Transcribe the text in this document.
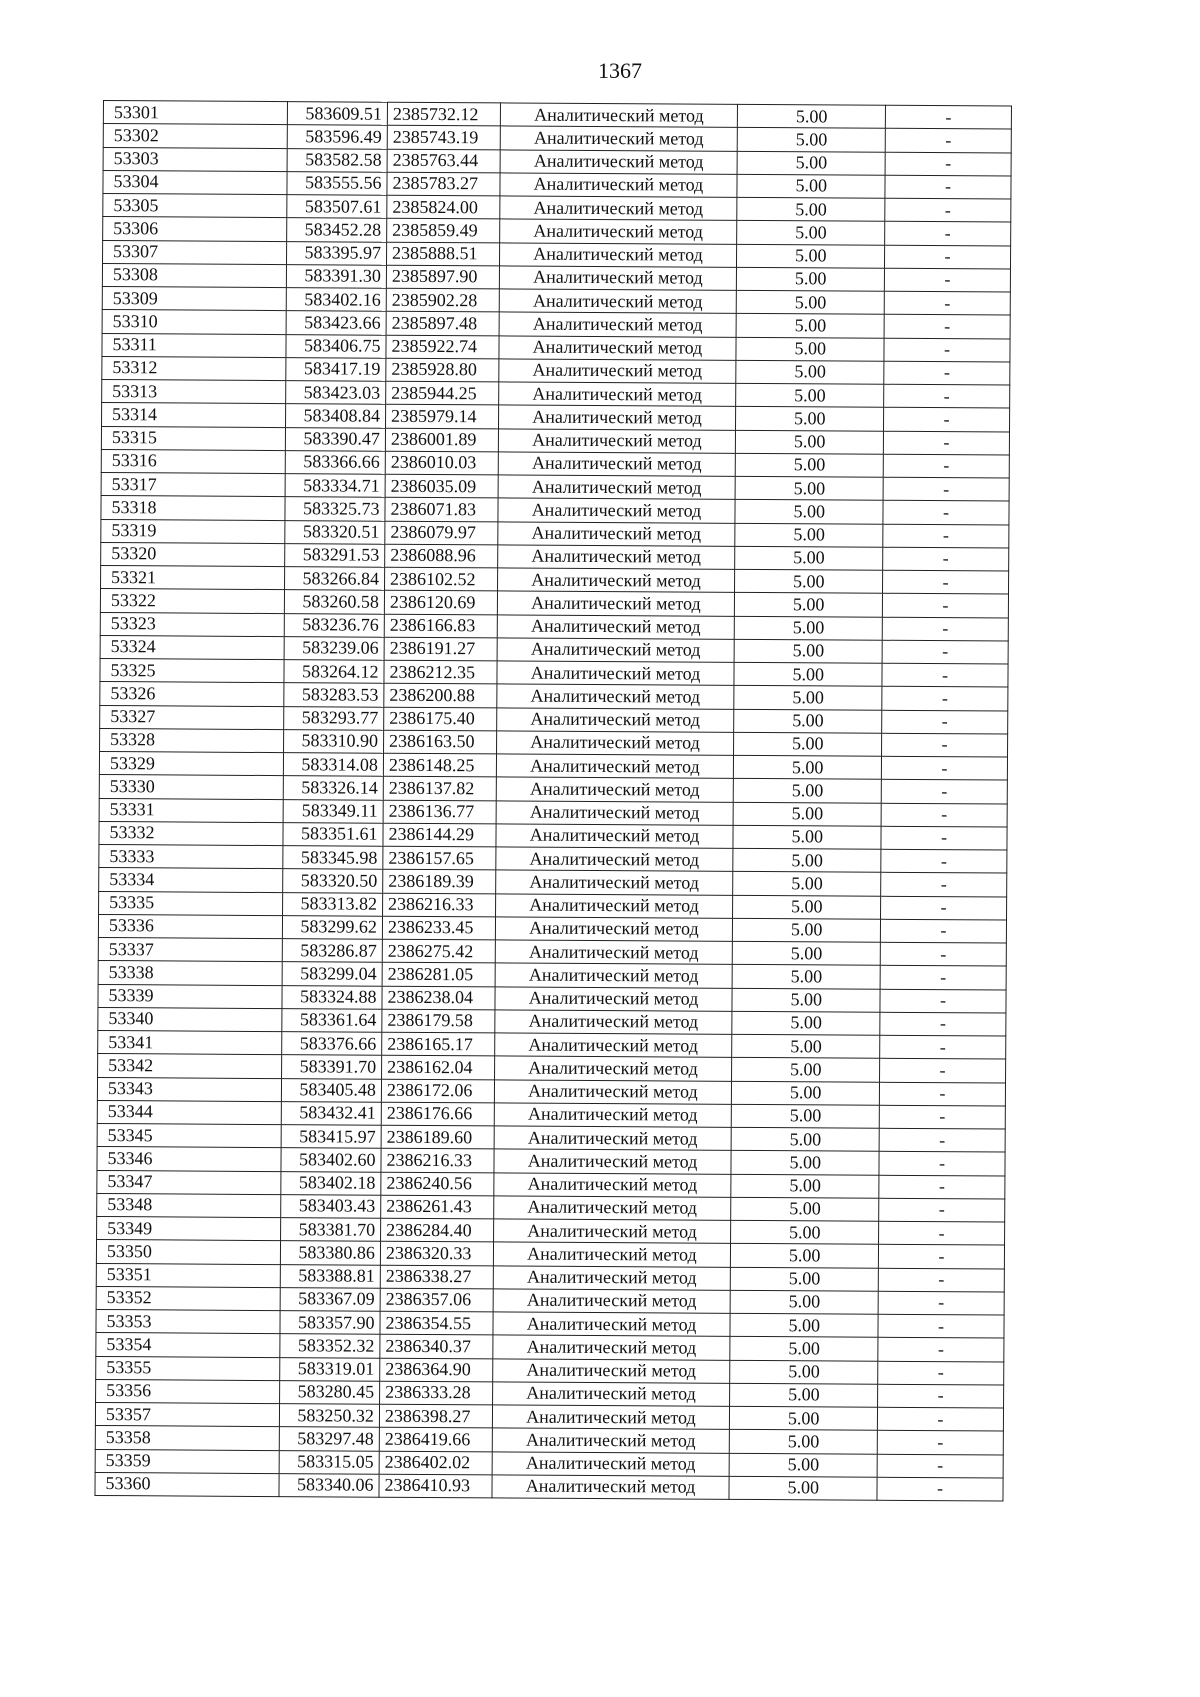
1367
53301	583609.51	2385732.12	Аналитический метод	5.00	-
53302	583596.49	2385743.19	Аналитический метод	5.00	-
53303	583582.58	2385763.44	Аналитический метод	5.00	-
53304	583555.56	2385783.27	Аналитический метод	5.00	-
53305	583507.61	2385824.00	Аналитический метод	5.00	-
53306	583452.28	2385859.49	Аналитический метод	5.00	-
53307	583395.97	2385888.51	Аналитический метод	5.00	-
53308	583391.30	2385897.90	Аналитический метод	5.00	-
53309	583402.16	2385902.28	Аналитический метод	5.00	-
53310	583423.66	2385897.48	Аналитический метод	5.00	-
53311	583406.75	2385922.74	Аналитический метод	5.00	-
53312	583417.19	2385928.80	Аналитический метод	5.00	-
53313	583423.03	2385944.25	Аналитический метод	5.00	-
53314	583408.84	2385979.14	Аналитический метод	5.00	-
53315	583390.47	2386001.89	Аналитический метод	5.00	-
53316	583366.66	2386010.03	Аналитический метод	5.00	-
53317	583334.71	2386035.09	Аналитический метод	5.00	-
53318	583325.73	2386071.83	Аналитический метод	5.00	-
53319	583320.51	2386079.97	Аналитический метод	5.00	-
53320	583291.53	2386088.96	Аналитический метод	5.00	-
53321	583266.84	2386102.52	Аналитический метод	5.00	-
53322	583260.58	2386120.69	Аналитический метод	5.00	-
53323	583236.76	2386166.83	Аналитический метод	5.00	-
53324	583239.06	2386191.27	Аналитический метод	5.00	-
53325	583264.12	2386212.35	Аналитический метод	5.00	-
53326	583283.53	2386200.88	Аналитический метод	5.00	-
53327	583293.77	2386175.40	Аналитический метод	5.00	-
53328	583310.90	2386163.50	Аналитический метод	5.00	-
53329	583314.08	2386148.25	Аналитический метод	5.00	-
53330	583326.14	2386137.82	Аналитический метод	5.00	-
53331	583349.11	2386136.77	Аналитический метод	5.00	-
53332	583351.61	2386144.29	Аналитический метод	5.00	-
53333	583345.98	2386157.65	Аналитический метод	5.00	-
53334	583320.50	2386189.39	Аналитический метод	5.00	-
53335	583313.82	2386216.33	Аналитический метод	5.00	-
53336	583299.62	2386233.45	Аналитический метод	5.00	-
53337	583286.87	2386275.42	Аналитический метод	5.00	-
53338	583299.04	2386281.05	Аналитический метод	5.00	-
53339	583324.88	2386238.04	Аналитический метод	5.00	-
53340	583361.64	2386179.58	Аналитический метод	5.00	-
53341	583376.66	2386165.17	Аналитический метод	5.00	-
53342	583391.70	2386162.04	Аналитический метод	5.00	-
53343	583405.48	2386172.06	Аналитический метод	5.00	-
53344	583432.41	2386176.66	Аналитический метод	5.00	-
53345	583415.97	2386189.60	Аналитический метод	5.00	-
53346	583402.60	2386216.33	Аналитический метод	5.00	-
53347	583402.18	2386240.56	Аналитический метод	5.00	-
53348	583403.43	2386261.43	Аналитический метод	5.00	-
53349	583381.70	2386284.40	Аналитический метод	5.00	-
53350	583380.86	2386320.33	Аналитический метод	5.00	-
53351	583388.81	2386338.27	Аналитический метод	5.00	-
53352	583367.09	2386357.06	Аналитический метод	5.00	-
53353	583357.90	2386354.55	Аналитический метод	5.00	-
53354	583352.32	2386340.37	Аналитический метод	5.00	-
53355	583319.01	2386364.90	Аналитический метод	5.00	-
53356	583280.45	2386333.28	Аналитический метод	5.00	-
53357	583250.32	2386398.27	Аналитический метод	5.00	-
53358	583297.48	2386419.66	Аналитический метод	5.00	-
53359	583315.05	2386402.02	Аналитический метод	5.00	-
53360	583340.06	2386410.93	Аналитический метод	5.00	-
